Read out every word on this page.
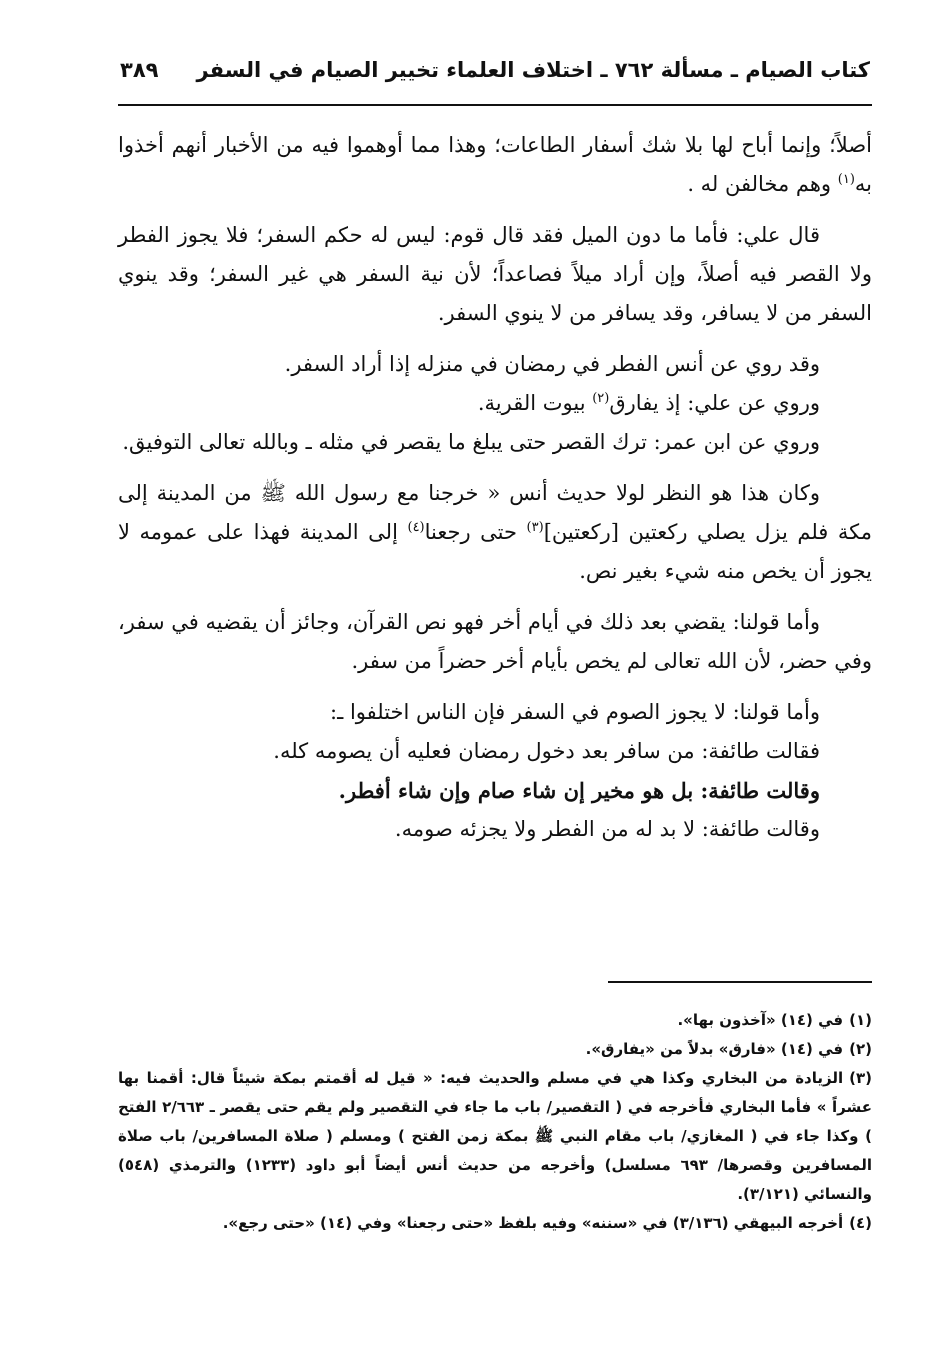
كتاب الصيام ـ مسألة ٧٦٢ ـ اختلاف العلماء تخيير الصيام في السفر
٣٨٩

أصلاً؛ وإنما أباح لها بلا شك أسفار الطاعات؛ وهذا مما أوهموا فيه من الأخبار أنهم أخذوا به$^{(١)}$ وهم مخالفن له .

قال علي: فأما ما دون الميل فقد قال قوم: ليس له حكم السفر؛ فلا يجوز الفطر ولا القصر فيه أصلاً، وإن أراد ميلاً فصاعداً؛ لأن نية السفر هي غير السفر؛ وقد ينوي السفر من لا يسافر، وقد يسافر من لا ينوي السفر.

وقد روي عن أنس الفطر في رمضان في منزله إذا أراد السفر.

وروي عن علي: إذ يفارق$^{(٢)}$ بيوت القرية.

وروي عن ابن عمر: ترك القصر حتى يبلغ ما يقصر في مثله ـ وبالله تعالى التوفيق.

وكان هذا هو النظر لولا حديث أنس « خرجنا مع رسول الله ﷺ من المدينة إلى مكة فلم يزل يصلي ركعتين [ركعتين]$^{(٣)}$ حتى رجعنا$^{(٤)}$ إلى المدينة فهذا على عمومه لا يجوز أن يخص منه شيء بغير نص.

وأما قولنا: يقضي بعد ذلك في أيام أخر فهو نص القرآن، وجائز أن يقضيه في سفر، وفي حضر، لأن الله تعالى لم يخص بأيام أخر حضراً من سفر.

وأما قولنا: لا يجوز الصوم في السفر فإن الناس اختلفوا ـ:

فقالت طائفة: من سافر بعد دخول رمضان فعليه أن يصومه كله.

وقالت طائفة: بل هو مخير إن شاء صام وإن شاء أفطر.

وقالت طائفة: لا بد له من الفطر ولا يجزئه صومه.

(١)في (١٤) «آخذون بها».

(٢)في (١٤) «فارق» بدلاً من «يفارق».

(٣)الزيادة من البخاري وكذا هي في مسلم والحديث فيه: « قيل له أقمتم بمكة شيئاً قال: أقمنا بها عشراً » فأما البخاري فأخرجه في ( التقصير/ باب ما جاء في التقصير ولم يقم حتى يقصر ـ ٢/٦٦٣ الفتح ) وكذا جاء في ( المغازي/ باب مقام النبي ﷺ بمكة زمن الفتح ) ومسلم ( صلاة المسافرين/ باب صلاة المسافرين وقصرها/ ٦٩٣ مسلسل) وأخرجه من حديث أنس أيضاً أبو داود (١٢٣٣) والترمذي (٥٤٨) والنسائي (٣/١٢١).

(٤)أخرجه البيهقي (٣/١٣٦) في «سننه» وفيه بلفظ «حتى رجعنا» وفي (١٤) «حتى رجع».
